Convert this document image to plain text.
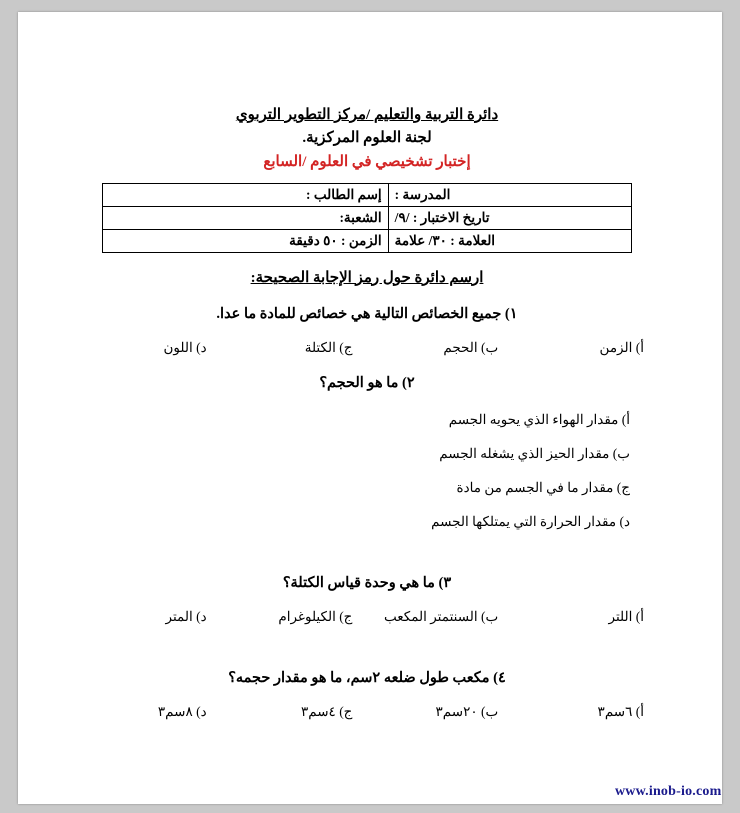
دائرة التربية والتعليم /مركز التطوير التربوي
لجنة العلوم المركزية.
إختبار تشخيصي في العلوم /السابع
المدرسة :	إسم الطالب :
تاريخ الاختبار : /٩/	الشعبة:
العلامة : ٣٠/ علامة	الزمن : ٥٠ دقيقة
ارسم دائرة حول رمز الإجابة الصحيحة:
١) جميع الخصائص التالية هي خصائص للمادة ما عدا.
أ) الزمن
ب) الحجم
ج) الكتلة
د) اللون
٢) ما هو الحجم؟
أ) مقدار الهواء الذي يحويه الجسم
ب) مقدار الحيز الذي يشغله الجسم
ج) مقدار ما في الجسم من مادة
د) مقدار الحرارة التي يمتلكها الجسم
٣) ما هي وحدة قياس الكتلة؟
أ) اللتر
ب) السنتمتر المكعب
ج) الكيلوغرام
د) المتر
٤) مكعب طول ضلعه ٢سم، ما هو مقدار حجمه؟
أ) ٦سم٣
ب) ٢٠سم٣
ج) ٤سم٣
د) ٨سم٣
www.inob-io.com
